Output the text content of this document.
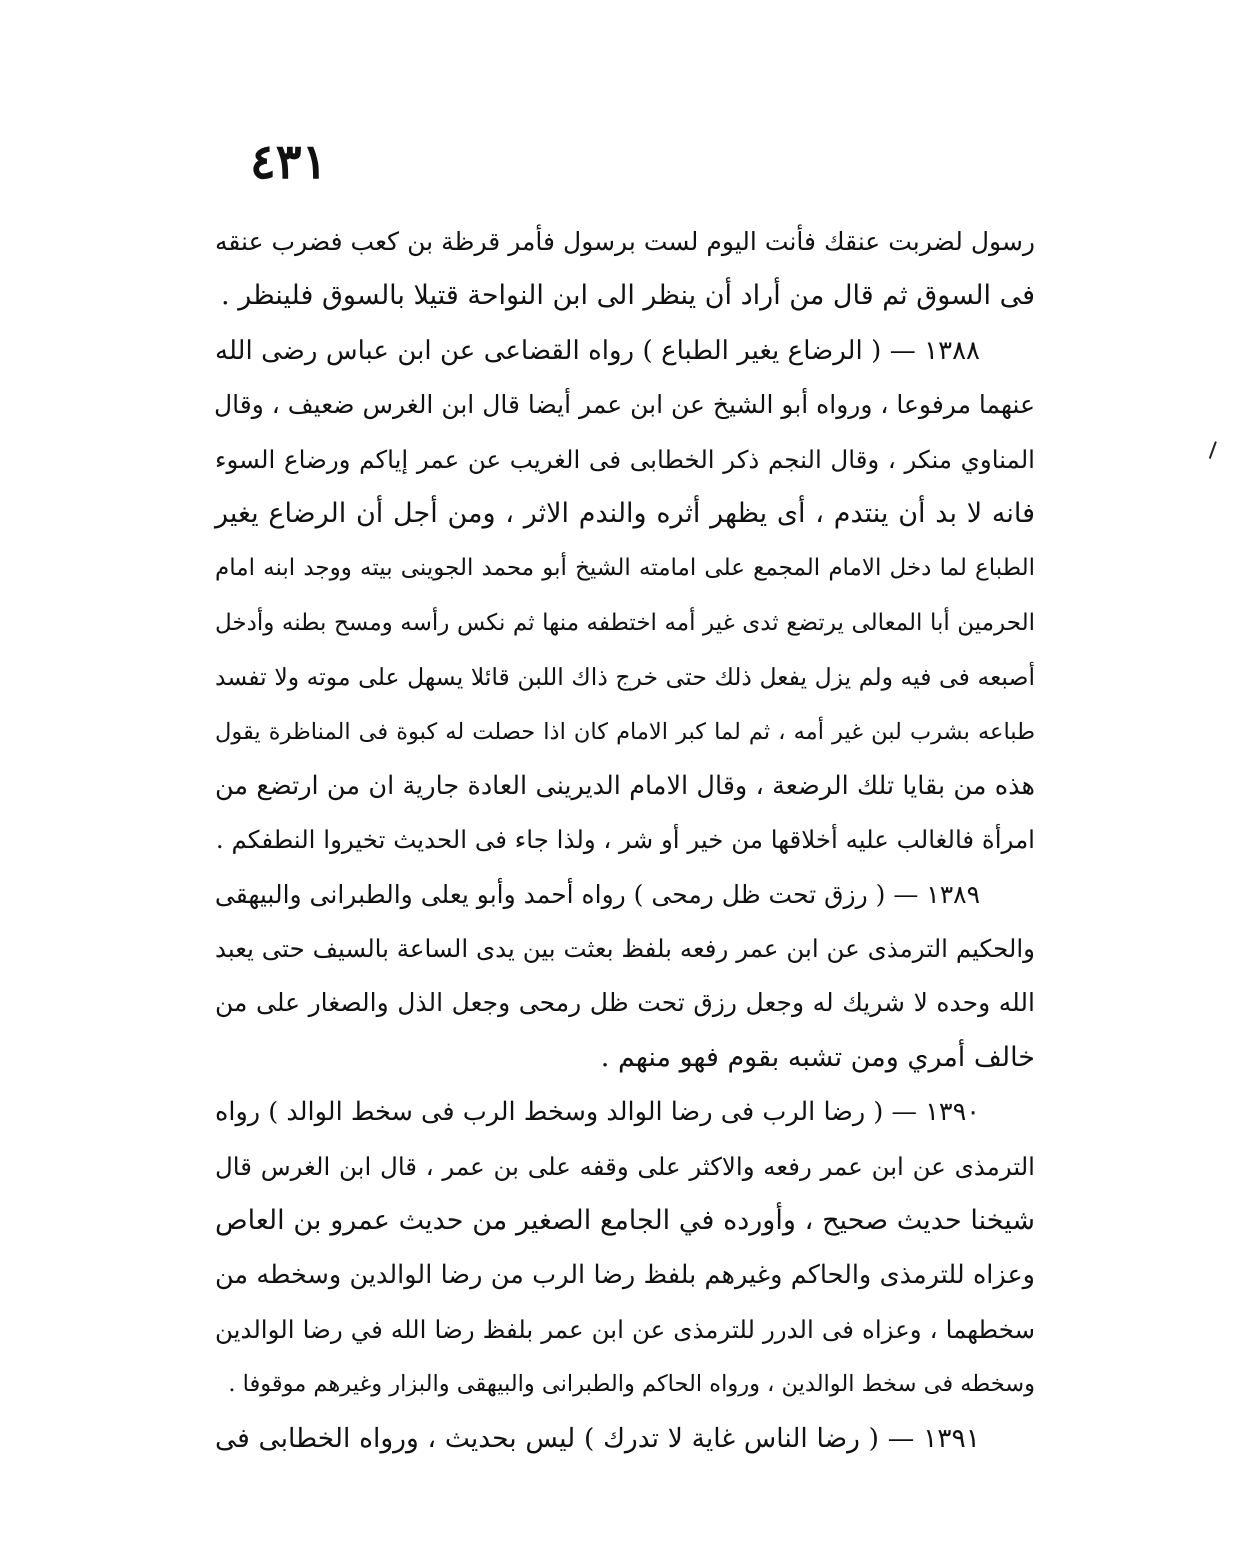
٤٣١
رسول لضربت عنقك فأنت اليوم لست برسول فأمر قرظة بن كعب فضرب عنقه
فى السوق ثم قال من أراد أن ينظر الى ابن النواحة قتيلا بالسوق فلينظر .
١٣٨٨ — ( الرضاع يغير الطباع ) رواه القضاعى عن ابن عباس رضى الله
عنهما مرفوعا ، ورواه أبو الشيخ عن ابن عمر أيضا قال ابن الغرس ضعيف ، وقال
المناوي منكر ، وقال النجم ذكر الخطابى فى الغريب عن عمر إياكم ورضاع السوء
فانه لا بد أن ينتدم ، أى يظهر أثره والندم الاثر ، ومن أجل أن الرضاع يغير
الطباع لما دخل الامام المجمع على امامته الشيخ أبو محمد الجوينى بيته ووجد ابنه امام
الحرمين أبا المعالى يرتضع ثدى غير أمه اختطفه منها ثم نكس رأسه ومسح بطنه وأدخل
أصبعه فى فيه ولم يزل يفعل ذلك حتى خرج ذاك اللبن قائلا يسهل على موته ولا تفسد
طباعه بشرب لبن غير أمه ، ثم لما كبر الامام كان اذا حصلت له كبوة فى المناظرة يقول
هذه من بقايا تلك الرضعة ، وقال الامام الديرينى العادة جارية ان من ارتضع من
امرأة فالغالب عليه أخلاقها من خير أو شر ، ولذا جاء فى الحديث تخيروا النطفكم .
١٣٨٩ — ( رزق تحت ظل رمحى ) رواه أحمد وأبو يعلى والطبرانى والبيهقى
والحكيم الترمذى عن ابن عمر رفعه بلفظ بعثت بين يدى الساعة بالسيف حتى يعبد
الله وحده لا شريك له وجعل رزق تحت ظل رمحى وجعل الذل والصغار على من
خالف أمري ومن تشبه بقوم فهو منهم .
١٣٩٠ — ( رضا الرب فى رضا الوالد وسخط الرب فى سخط الوالد ) رواه
الترمذى عن ابن عمر رفعه والاكثر على وقفه على بن عمر ، قال ابن الغرس قال
شيخنا حديث صحيح ، وأورده في الجامع الصغير من حديث عمرو بن العاص
وعزاه للترمذى والحاكم وغيرهم بلفظ رضا الرب من رضا الوالدين وسخطه من
سخطهما ، وعزاه فى الدرر للترمذى عن ابن عمر بلفظ رضا الله في رضا الوالدين
وسخطه فى سخط الوالدين ، ورواه الحاكم والطبرانى والبيهقى والبزار وغيرهم موقوفا .
١٣٩١ — ( رضا الناس غاية لا تدرك ) ليس بحديث ، ورواه الخطابى فى
